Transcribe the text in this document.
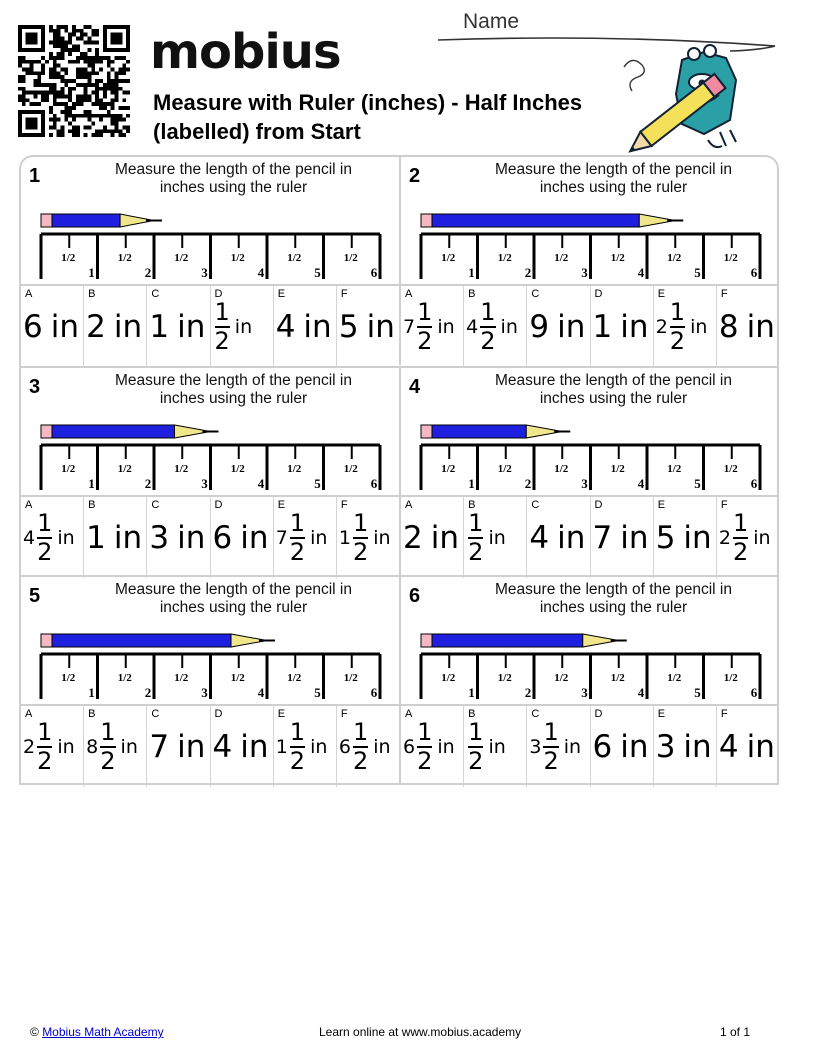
mobius
Measure with Ruler (inches) - Half Inches (labelled) from Start
Name
1	Measure the length of the pencil in inches using the ruler
1/2
1
1/2
2
1/2
3
1/2
4
1/2
5
1/2
6
A
6 in
B
2 in
C
1 in
D
$\frac{1}{2}$ in
E
4 in
F
5 in
2	Measure the length of the pencil in inches using the ruler
1/2
1
1/2
2
1/2
3
1/2
4
1/2
5
1/2
6
A
$7 \frac{1}{2}$ in
B
$4 \frac{1}{2}$ in
C
9 in
D
1 in
E
$2 \frac{1}{2}$ in
F
8 in
3	Measure the length of the pencil in inches using the ruler
1/2
1
1/2
2
1/2
3
1/2
4
1/2
5
1/2
6
A
$4 \frac{1}{2}$ in
B
1 in
C
3 in
D
6 in
E
$7 \frac{1}{2}$ in
F
$1 \frac{1}{2}$ in
4	Measure the length of the pencil in inches using the ruler
1/2
1
1/2
2
1/2
3
1/2
4
1/2
5
1/2
6
A
2 in
B
$\frac{1}{2}$ in
C
4 in
D
7 in
E
5 in
F
$2 \frac{1}{2}$ in
5	Measure the length of the pencil in inches using the ruler
1/2
1
1/2
2
1/2
3
1/2
4
1/2
5
1/2
6
A
$2 \frac{1}{2}$ in
B
$8 \frac{1}{2}$ in
C
7 in
D
4 in
E
$1 \frac{1}{2}$ in
F
$6 \frac{1}{2}$ in
6	Measure the length of the pencil in inches using the ruler
1/2
1
1/2
2
1/2
3
1/2
4
1/2
5
1/2
6
A
$6 \frac{1}{2}$ in
B
$\frac{1}{2}$ in
C
$3 \frac{1}{2}$ in
D
6 in
E
3 in
F
4 in
© Mobius Math Academy	Learn online at www.mobius.academy	1 of 1
